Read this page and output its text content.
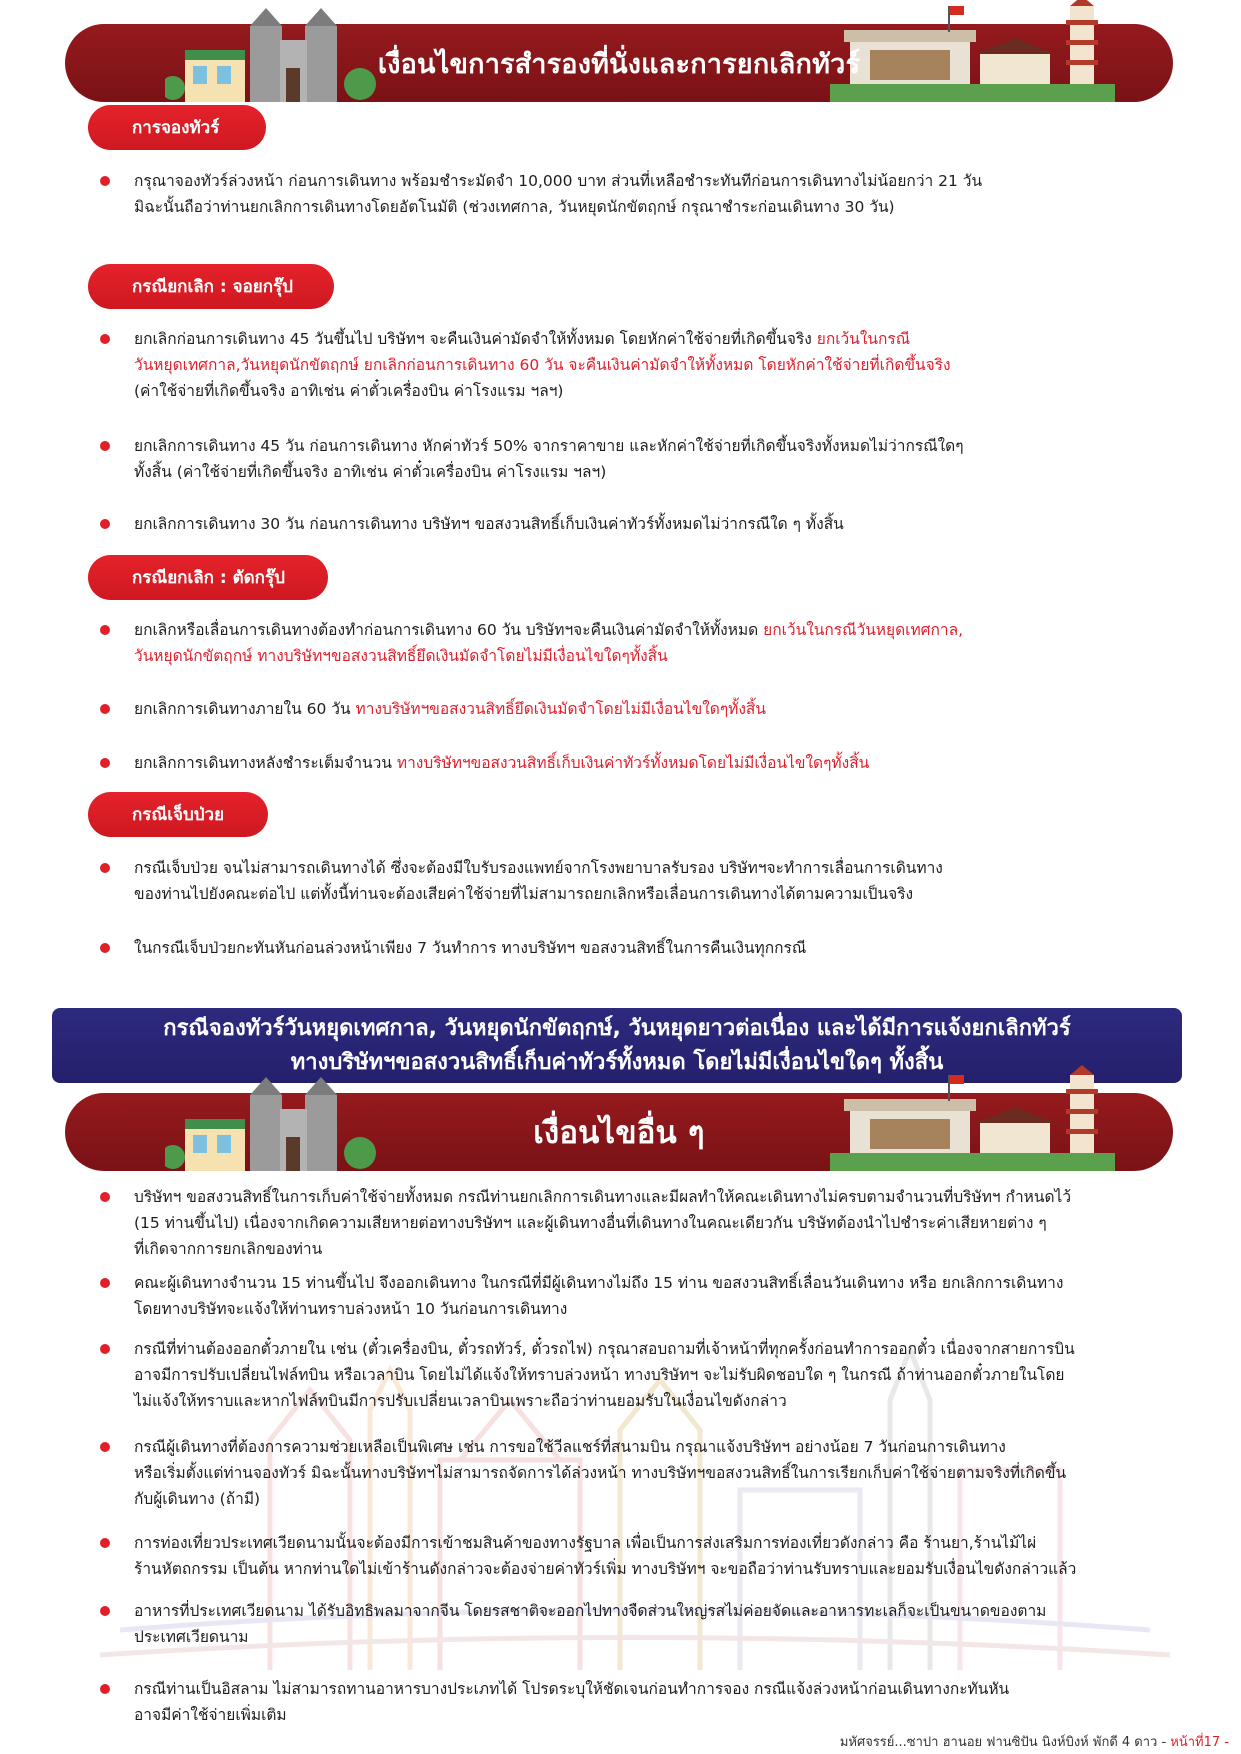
เงื่อนไขการสำรองที่นั่งและการยกเลิกทัวร์
การจองทัวร์
กรุณาจองทัวร์ล่วงหน้า ก่อนการเดินทาง พร้อมชำระมัดจำ 10,000 บาท ส่วนที่เหลือชำระทันทีก่อนการเดินทางไม่น้อยกว่า 21 วัน
มิฉะนั้นถือว่าท่านยกเลิกการเดินทางโดยอัตโนมัติ (ช่วงเทศกาล, วันหยุดนักขัตฤกษ์ กรุณาชำระก่อนเดินทาง 30 วัน)
กรณียกเลิก : จอยกรุ๊ป
ยกเลิกก่อนการเดินทาง 45 วันขึ้นไป บริษัทฯ จะคืนเงินค่ามัดจำให้ทั้งหมด โดยหักค่าใช้จ่ายที่เกิดขึ้นจริง ยกเว้นในกรณี
วันหยุดเทศกาล,วันหยุดนักขัตฤกษ์ ยกเลิกก่อนการเดินทาง 60 วัน จะคืนเงินค่ามัดจำให้ทั้งหมด โดยหักค่าใช้จ่ายที่เกิดขึ้นจริง
(ค่าใช้จ่ายที่เกิดขึ้นจริง อาทิเช่น ค่าตั๋วเครื่องบิน ค่าโรงแรม ฯลฯ)
ยกเลิกการเดินทาง 45 วัน ก่อนการเดินทาง หักค่าทัวร์ 50% จากราคาขาย และหักค่าใช้จ่ายที่เกิดขึ้นจริงทั้งหมดไม่ว่ากรณีใดๆ
ทั้งสิ้น (ค่าใช้จ่ายที่เกิดขึ้นจริง อาทิเช่น ค่าตั๋วเครื่องบิน ค่าโรงแรม ฯลฯ)
ยกเลิกการเดินทาง 30 วัน ก่อนการเดินทาง บริษัทฯ ขอสงวนสิทธิ์เก็บเงินค่าทัวร์ทั้งหมดไม่ว่ากรณีใด ๆ ทั้งสิ้น
กรณียกเลิก : ตัดกรุ๊ป
ยกเลิกหรือเลื่อนการเดินทางต้องทำก่อนการเดินทาง 60 วัน บริษัทฯจะคืนเงินค่ามัดจำให้ทั้งหมด ยกเว้นในกรณีวันหยุดเทศกาล,
วันหยุดนักขัตฤกษ์ ทางบริษัทฯขอสงวนสิทธิ์ยึดเงินมัดจำโดยไม่มีเงื่อนไขใดๆทั้งสิ้น
ยกเลิกการเดินทางภายใน 60 วัน ทางบริษัทฯขอสงวนสิทธิ์ยึดเงินมัดจำโดยไม่มีเงื่อนไขใดๆทั้งสิ้น
ยกเลิกการเดินทางหลังชำระเต็มจำนวน ทางบริษัทฯขอสงวนสิทธิ์เก็บเงินค่าทัวร์ทั้งหมดโดยไม่มีเงื่อนไขใดๆทั้งสิ้น
กรณีเจ็บป่วย
กรณีเจ็บป่วย จนไม่สามารถเดินทางได้ ซึ่งจะต้องมีใบรับรองแพทย์จากโรงพยาบาลรับรอง บริษัทฯจะทำการเลื่อนการเดินทาง
ของท่านไปยังคณะต่อไป แต่ทั้งนี้ท่านจะต้องเสียค่าใช้จ่ายที่ไม่สามารถยกเลิกหรือเลื่อนการเดินทางได้ตามความเป็นจริง
ในกรณีเจ็บป่วยกะทันหันก่อนล่วงหน้าเพียง 7 วันทำการ ทางบริษัทฯ ขอสงวนสิทธิ์ในการคืนเงินทุกกรณี
กรณีจองทัวร์วันหยุดเทศกาล, วันหยุดนักขัตฤกษ์, วันหยุดยาวต่อเนื่อง และได้มีการแจ้งยกเลิกทัวร์
ทางบริษัทฯขอสงวนสิทธิ์เก็บค่าทัวร์ทั้งหมด โดยไม่มีเงื่อนไขใดๆ ทั้งสิ้น
เงื่อนไขอื่น ๆ
บริษัทฯ ขอสงวนสิทธิ์ในการเก็บค่าใช้จ่ายทั้งหมด กรณีท่านยกเลิกการเดินทางและมีผลทำให้คณะเดินทางไม่ครบตามจำนวนที่บริษัทฯ กำหนดไว้
(15 ท่านขึ้นไป) เนื่องจากเกิดความเสียหายต่อทางบริษัทฯ และผู้เดินทางอื่นที่เดินทางในคณะเดียวกัน บริษัทต้องนำไปชำระค่าเสียหายต่าง ๆ
ที่เกิดจากการยกเลิกของท่าน
คณะผู้เดินทางจำนวน 15 ท่านขึ้นไป จึงออกเดินทาง ในกรณีที่มีผู้เดินทางไม่ถึง 15 ท่าน ขอสงวนสิทธิ์เลื่อนวันเดินทาง หรือ ยกเลิกการเดินทาง
โดยทางบริษัทจะแจ้งให้ท่านทราบล่วงหน้า 10 วันก่อนการเดินทาง
กรณีที่ท่านต้องออกตั๋วภายใน เช่น (ตั๋วเครื่องบิน, ตั๋วรถทัวร์, ตั๋วรถไฟ) กรุณาสอบถามที่เจ้าหน้าที่ทุกครั้งก่อนทำการออกตั๋ว เนื่องจากสายการบิน
อาจมีการปรับเปลี่ยนไฟล์ทบิน หรือเวลาบิน โดยไม่ได้แจ้งให้ทราบล่วงหน้า ทางบริษัทฯ จะไม่รับผิดชอบใด ๆ ในกรณี ถ้าท่านออกตั๋วภายในโดย
ไม่แจ้งให้ทราบและหากไฟล์ทบินมีการปรับเปลี่ยนเวลาบินเพราะถือว่าท่านยอมรับในเงื่อนไขดังกล่าว
กรณีผู้เดินทางที่ต้องการความช่วยเหลือเป็นพิเศษ เช่น การขอใช้วีลแชร์ที่สนามบิน กรุณาแจ้งบริษัทฯ อย่างน้อย 7 วันก่อนการเดินทาง
หรือเริ่มตั้งแต่ท่านจองทัวร์ มิฉะนั้นทางบริษัทฯไม่สามารถจัดการได้ล่วงหน้า ทางบริษัทฯขอสงวนสิทธิ์ในการเรียกเก็บค่าใช้จ่ายตามจริงที่เกิดขึ้น
กับผู้เดินทาง (ถ้ามี)
การท่องเที่ยวประเทศเวียดนามนั้นจะต้องมีการเข้าชมสินค้าของทางรัฐบาล เพื่อเป็นการส่งเสริมการท่องเที่ยวดังกล่าว คือ ร้านยา,ร้านไม้ไผ่
ร้านหัตถกรรม เป็นต้น หากท่านใดไม่เข้าร้านดังกล่าวจะต้องจ่ายค่าทัวร์เพิ่ม ทางบริษัทฯ จะขอถือว่าท่านรับทราบและยอมรับเงื่อนไขดังกล่าวแล้ว
อาหารที่ประเทศเวียดนาม ได้รับอิทธิพลมาจากจีน โดยรสชาติจะออกไปทางจืดส่วนใหญ่รสไม่ค่อยจัดและอาหารทะเลก็จะเป็นขนาดของตาม
ประเทศเวียดนาม
กรณีท่านเป็นอิสลาม ไม่สามารถทานอาหารบางประเภทได้ โปรดระบุให้ชัดเจนก่อนทำการจอง กรณีแจ้งล่วงหน้าก่อนเดินทางกะทันหัน
อาจมีค่าใช้จ่ายเพิ่มเติม
มหัศจรรย์...ซาปา ฮานอย ฟานซิปัน นิงห์บิงห์ พักดี 4 ดาว - หน้าที่17 -
